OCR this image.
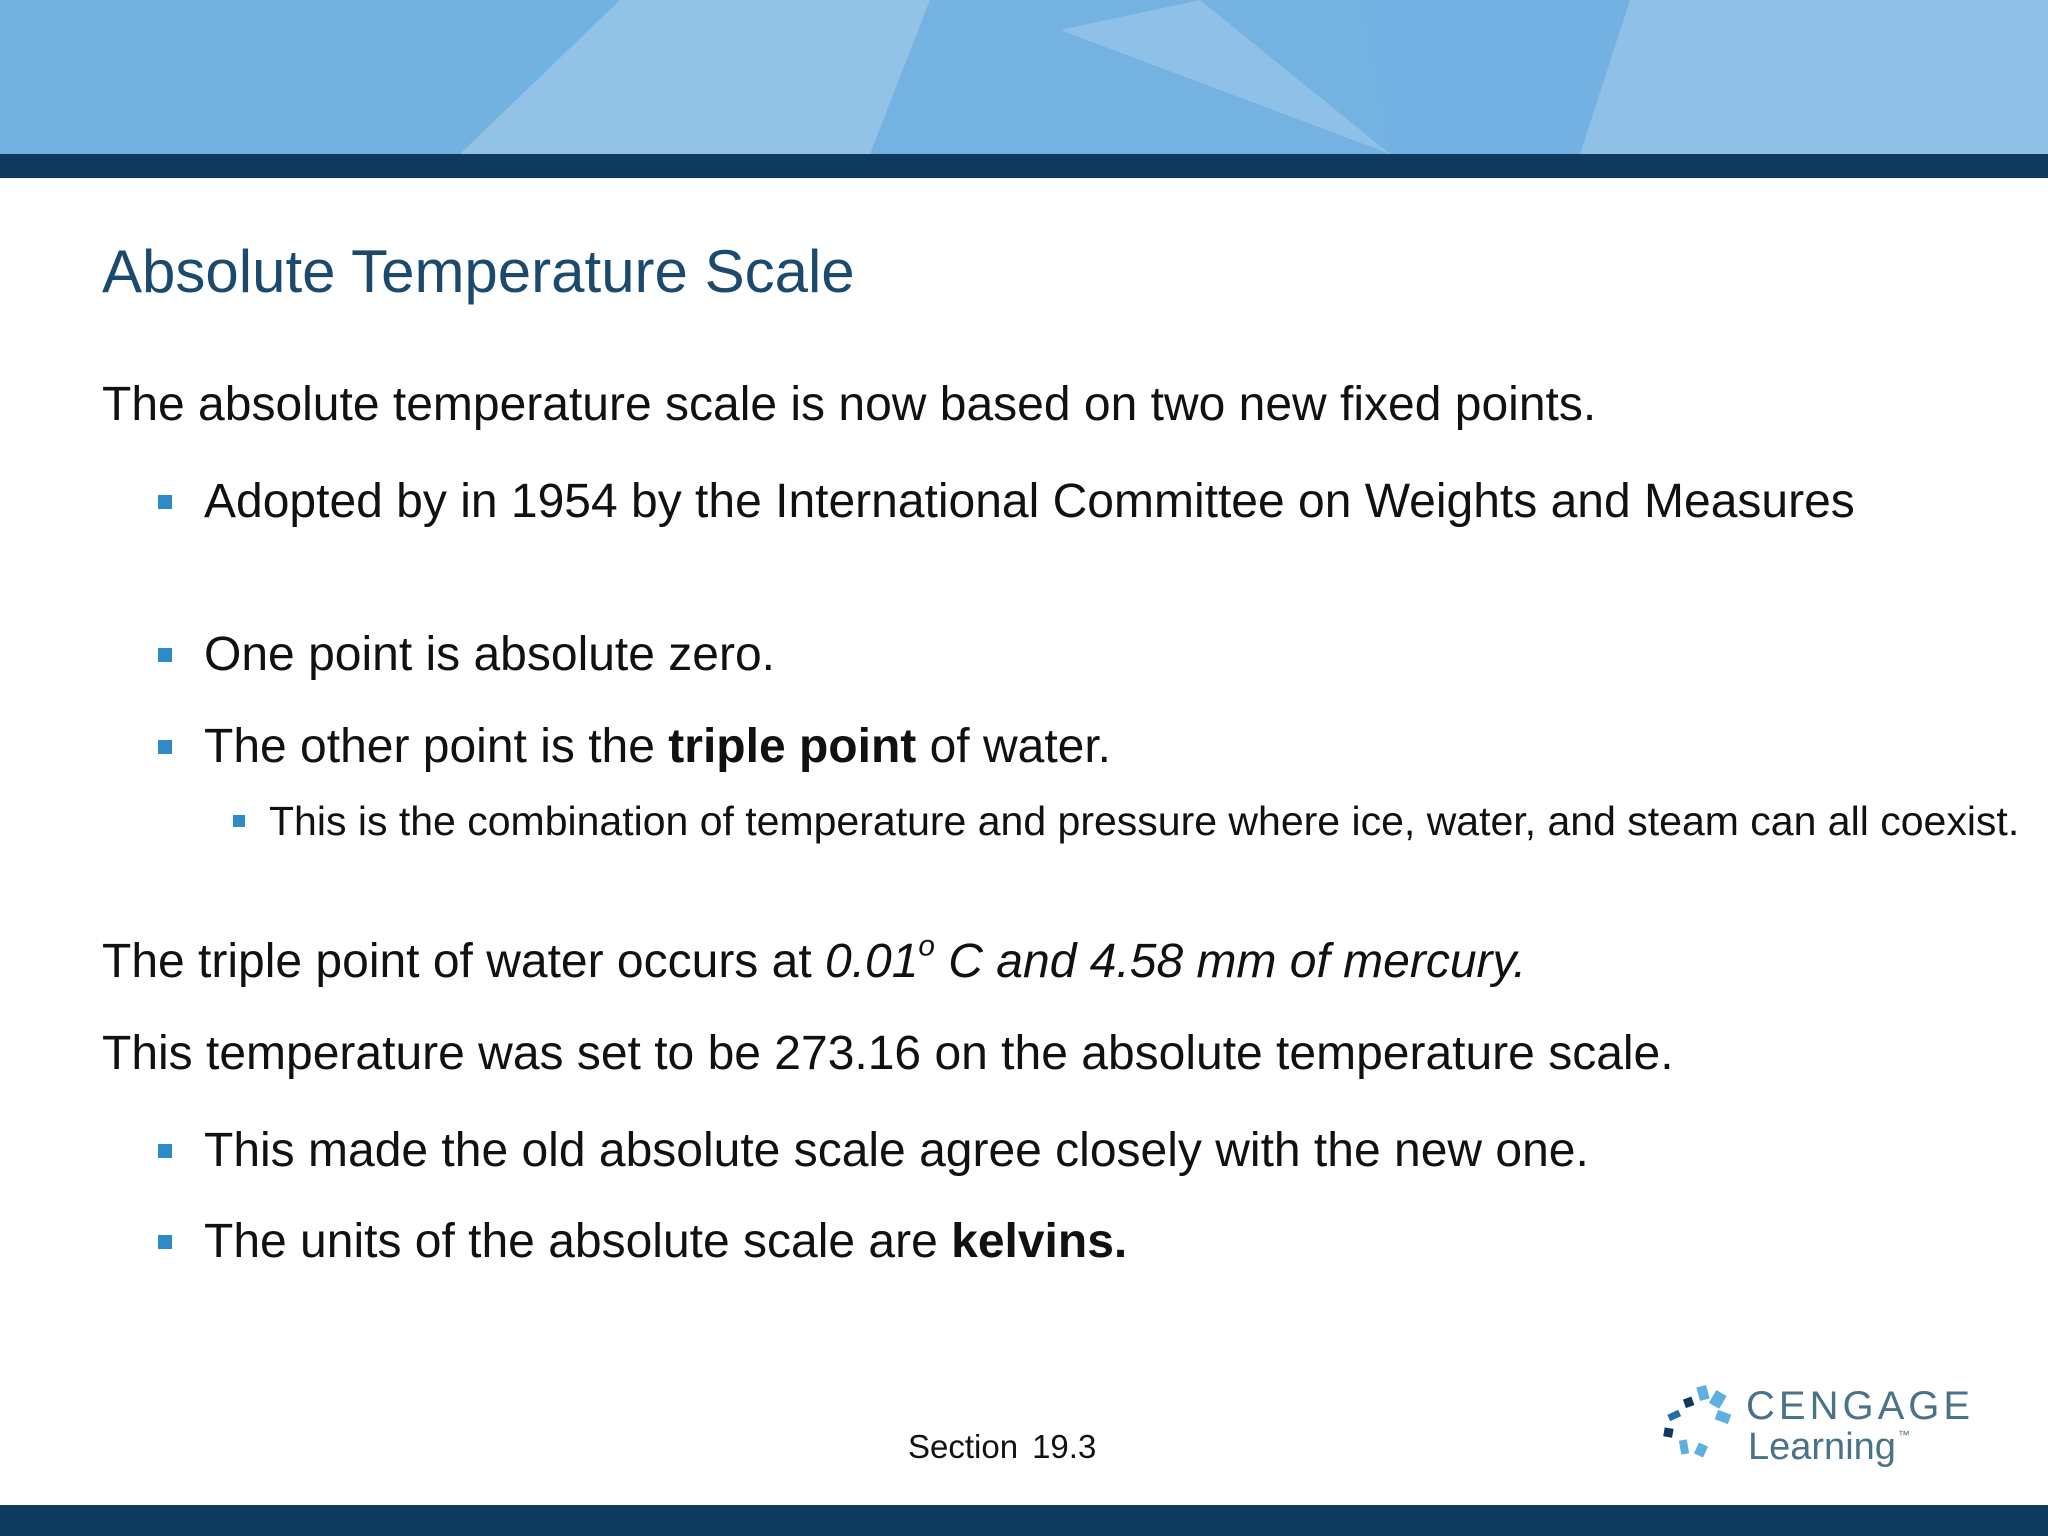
Absolute Temperature Scale

The absolute temperature scale is now based on two new fixed points.

Adopted by in 1954 by the International Committee on Weights and Measures
One point is absolute zero.
The other point is the triple point of water.
This is the combination of temperature and pressure where ice, water, and steam can all coexist.

The triple point of water occurs at 0.01$^o$ C and 4.58 mm of mercury.

This temperature was set to be 273.16 on the absolute temperature scale.

This made the old absolute scale agree closely with the new one.
The units of the absolute scale are kelvins.
Section 19.3
CENGAGE
Learning ™
